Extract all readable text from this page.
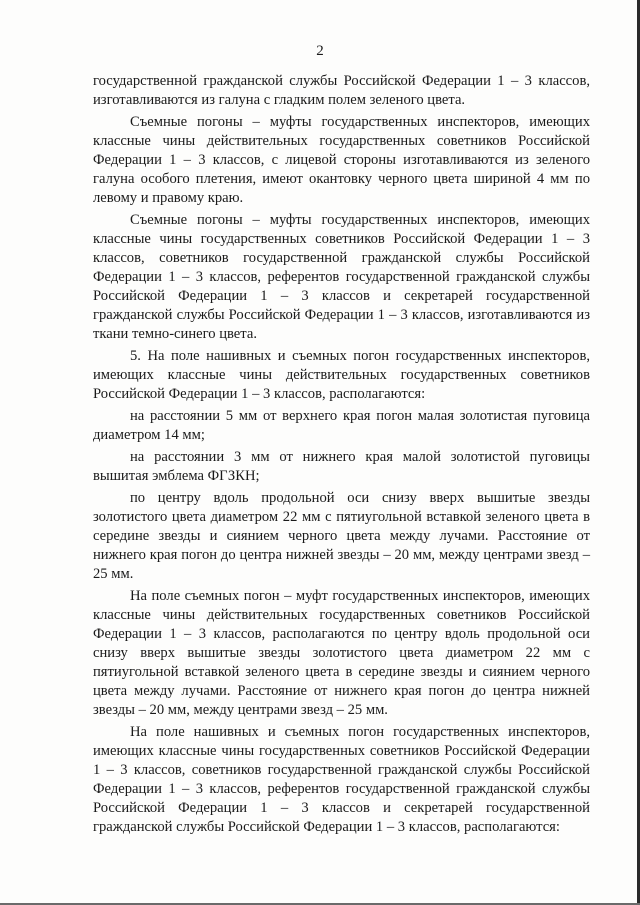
2

государственной гражданской службы Российской Федерации 1 – 3 классов, изготавливаются из галуна с гладким полем зеленого цвета.

Съемные погоны – муфты государственных инспекторов, имеющих классные чины действительных государственных советников Российской Федерации 1 – 3 классов, с лицевой стороны изготавливаются из зеленого галуна особого плетения, имеют окантовку черного цвета шириной 4 мм по левому и правому краю.

Съемные погоны – муфты государственных инспекторов, имеющих классные чины государственных советников Российской Федерации 1 – 3 классов, советников государственной гражданской службы Российской Федерации 1 – 3 классов, референтов государственной гражданской службы Российской Федерации 1 – 3 классов и секретарей государственной гражданской службы Российской Федерации 1 – 3 классов, изготавливаются из ткани темно-синего цвета.

5. На поле нашивных и съемных погон государственных инспекторов, имеющих классные чины действительных государственных советников Российской Федерации 1 – 3 классов, располагаются:

на расстоянии 5 мм от верхнего края погон малая золотистая пуговица диаметром 14 мм;

на расстоянии 3 мм от нижнего края малой золотистой пуговицы вышитая эмблема ФГЗКН;

по центру вдоль продольной оси снизу вверх вышитые звезды золотистого цвета диаметром 22 мм с пятиугольной вставкой зеленого цвета в середине звезды и сиянием черного цвета между лучами. Расстояние от нижнего края погон до центра нижней звезды – 20 мм, между центрами звезд – 25 мм.

На поле съемных погон – муфт государственных инспекторов, имеющих классные чины действительных государственных советников Российской Федерации 1 – 3 классов, располагаются по центру вдоль продольной оси снизу вверх вышитые звезды золотистого цвета диаметром 22 мм с пятиугольной вставкой зеленого цвета в середине звезды и сиянием черного цвета между лучами. Расстояние от нижнего края погон до центра нижней звезды – 20 мм, между центрами звезд – 25 мм.

На поле нашивных и съемных погон государственных инспекторов, имеющих классные чины государственных советников Российской Федерации 1 – 3 классов, советников государственной гражданской службы Российской Федерации 1 – 3 классов, референтов государственной гражданской службы Российской Федерации 1 – 3 классов и секретарей государственной гражданской службы Российской Федерации 1 – 3 классов, располагаются:
